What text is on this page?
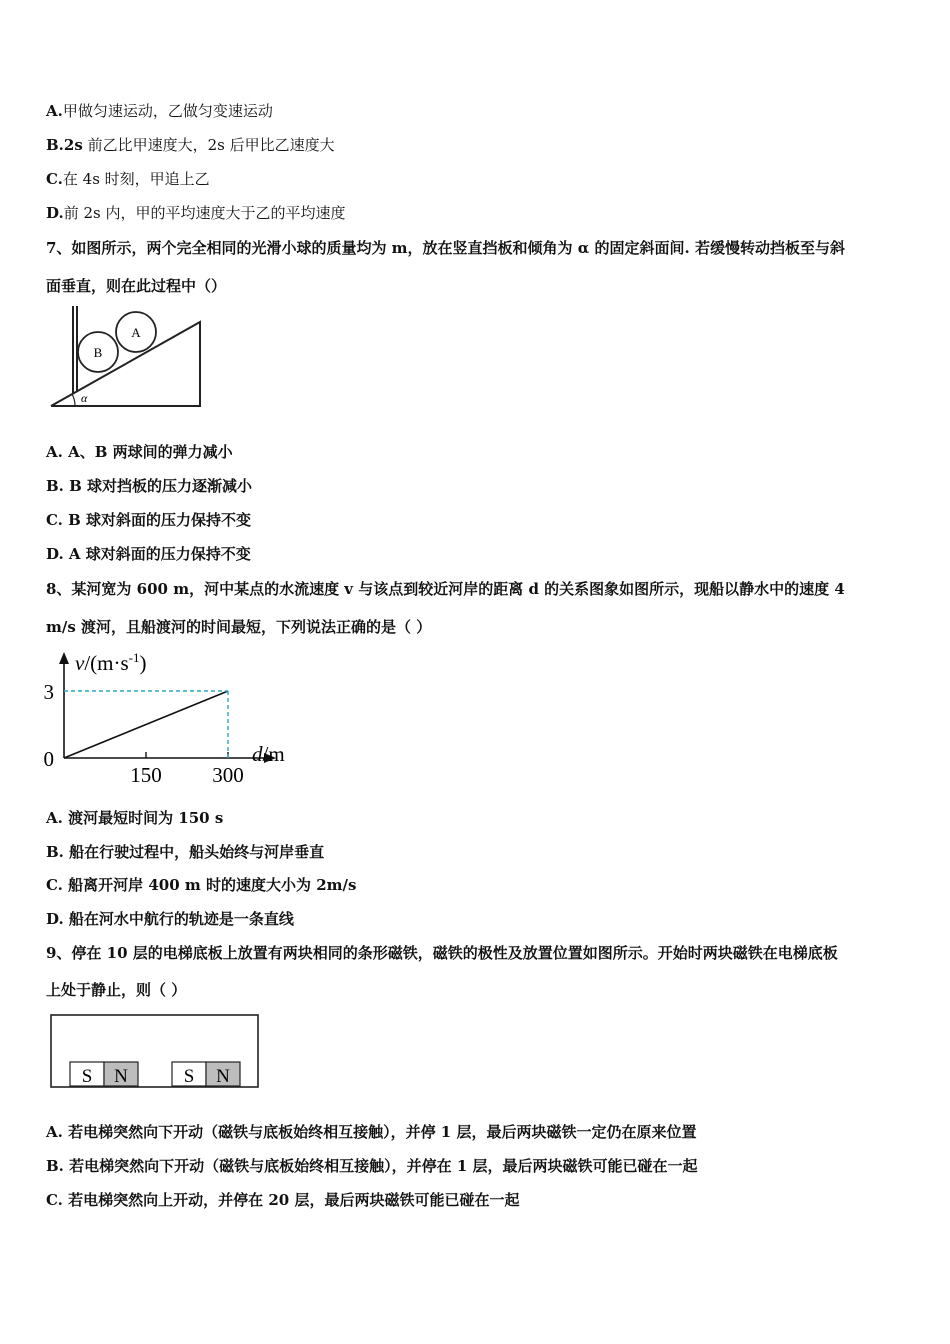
A.甲做匀速运动，乙做匀变速运动
B.2s 前乙比甲速度大，2s 后甲比乙速度大
C.在 4s 时刻，甲追上乙
D.前 2s 内，甲的平均速度大于乙的平均速度
7、如图所示，两个完全相同的光滑小球的质量均为 m，放在竖直挡板和倾角为 α 的固定斜面间. 若缓慢转动挡板至与斜
面垂直，则在此过程中（）
B
A
α
A. A、B 两球间的弹力减小
B. B 球对挡板的压力逐渐减小
C. B 球对斜面的压力保持不变
D. A 球对斜面的压力保持不变
8、某河宽为 600 m，河中某点的水流速度 v 与该点到较近河岸的距离 d 的关系图象如图所示，现船以静水中的速度 4
m/s 渡河，且船渡河的时间最短，下列说法正确的是（ ）
$v/(m\cdot s^{-1})$
d/m
3
0
150 300
A. 渡河最短时间为 150 s
B. 船在行驶过程中，船头始终与河岸垂直
C. 船离开河岸 400 m 时的速度大小为 2m/s
D. 船在河水中航行的轨迹是一条直线
9、停在 10 层的电梯底板上放置有两块相同的条形磁铁，磁铁的极性及放置位置如图所示。开始时两块磁铁在电梯底板
上处于静止，则（ ）
S N	S N
A. 若电梯突然向下开动（磁铁与底板始终相互接触），并停 1 层，最后两块磁铁一定仍在原来位置
B. 若电梯突然向下开动（磁铁与底板始终相互接触），并停在 1 层，最后两块磁铁可能已碰在一起
C. 若电梯突然向上开动，并停在 20 层，最后两块磁铁可能已碰在一起
